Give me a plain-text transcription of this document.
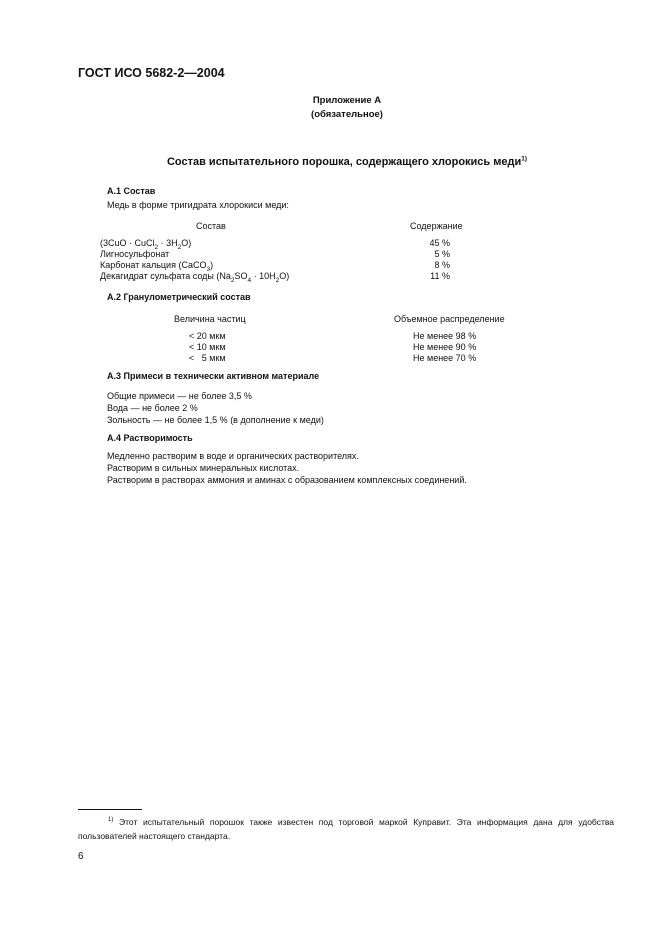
ГОСТ ИСО 5682-2—2004
Приложение А
(обязательное)
Состав испытательного порошка, содержащего хлорокись меди$^{1)}$
А.1 Состав
Медь в форме тригидрата хлорокиси меди:
Состав	Содержание
(3CuO · CuCl$_2$ · $3H_2O$)
Лигносульфонат
Карбонат кальция (CaCO$_3$)
Декагидрат сульфата соды $(Na_2SO_4 \cdot 10H_2O)$
45 %
5 %
8 %
11 %
А.2 Гранулометрический состав
Величина частиц	Объемное распределение
< 20 мкм
< 10 мкм
<   5 мкм
Не менее 98 %
Не менее 90 %
Не менее 70 %
А.3 Примеси в технически активном материале
Общие примеси — не более 3,5 %
Вода — не более 2 %
Зольность — не более 1,5 % (в дополнение к меди)
А.4 Растворимость
Медленно растворим в воде и органических растворителях.
Растворим в сильных минеральных кислотах.
Растворим в растворах аммония и аминах с образованием комплексных соединений.
$^{1)}$ Этот испытательный порошок также известен под торговой маркой Куправит. Эта информация дана для удобства пользователей настоящего стандарта.
6
